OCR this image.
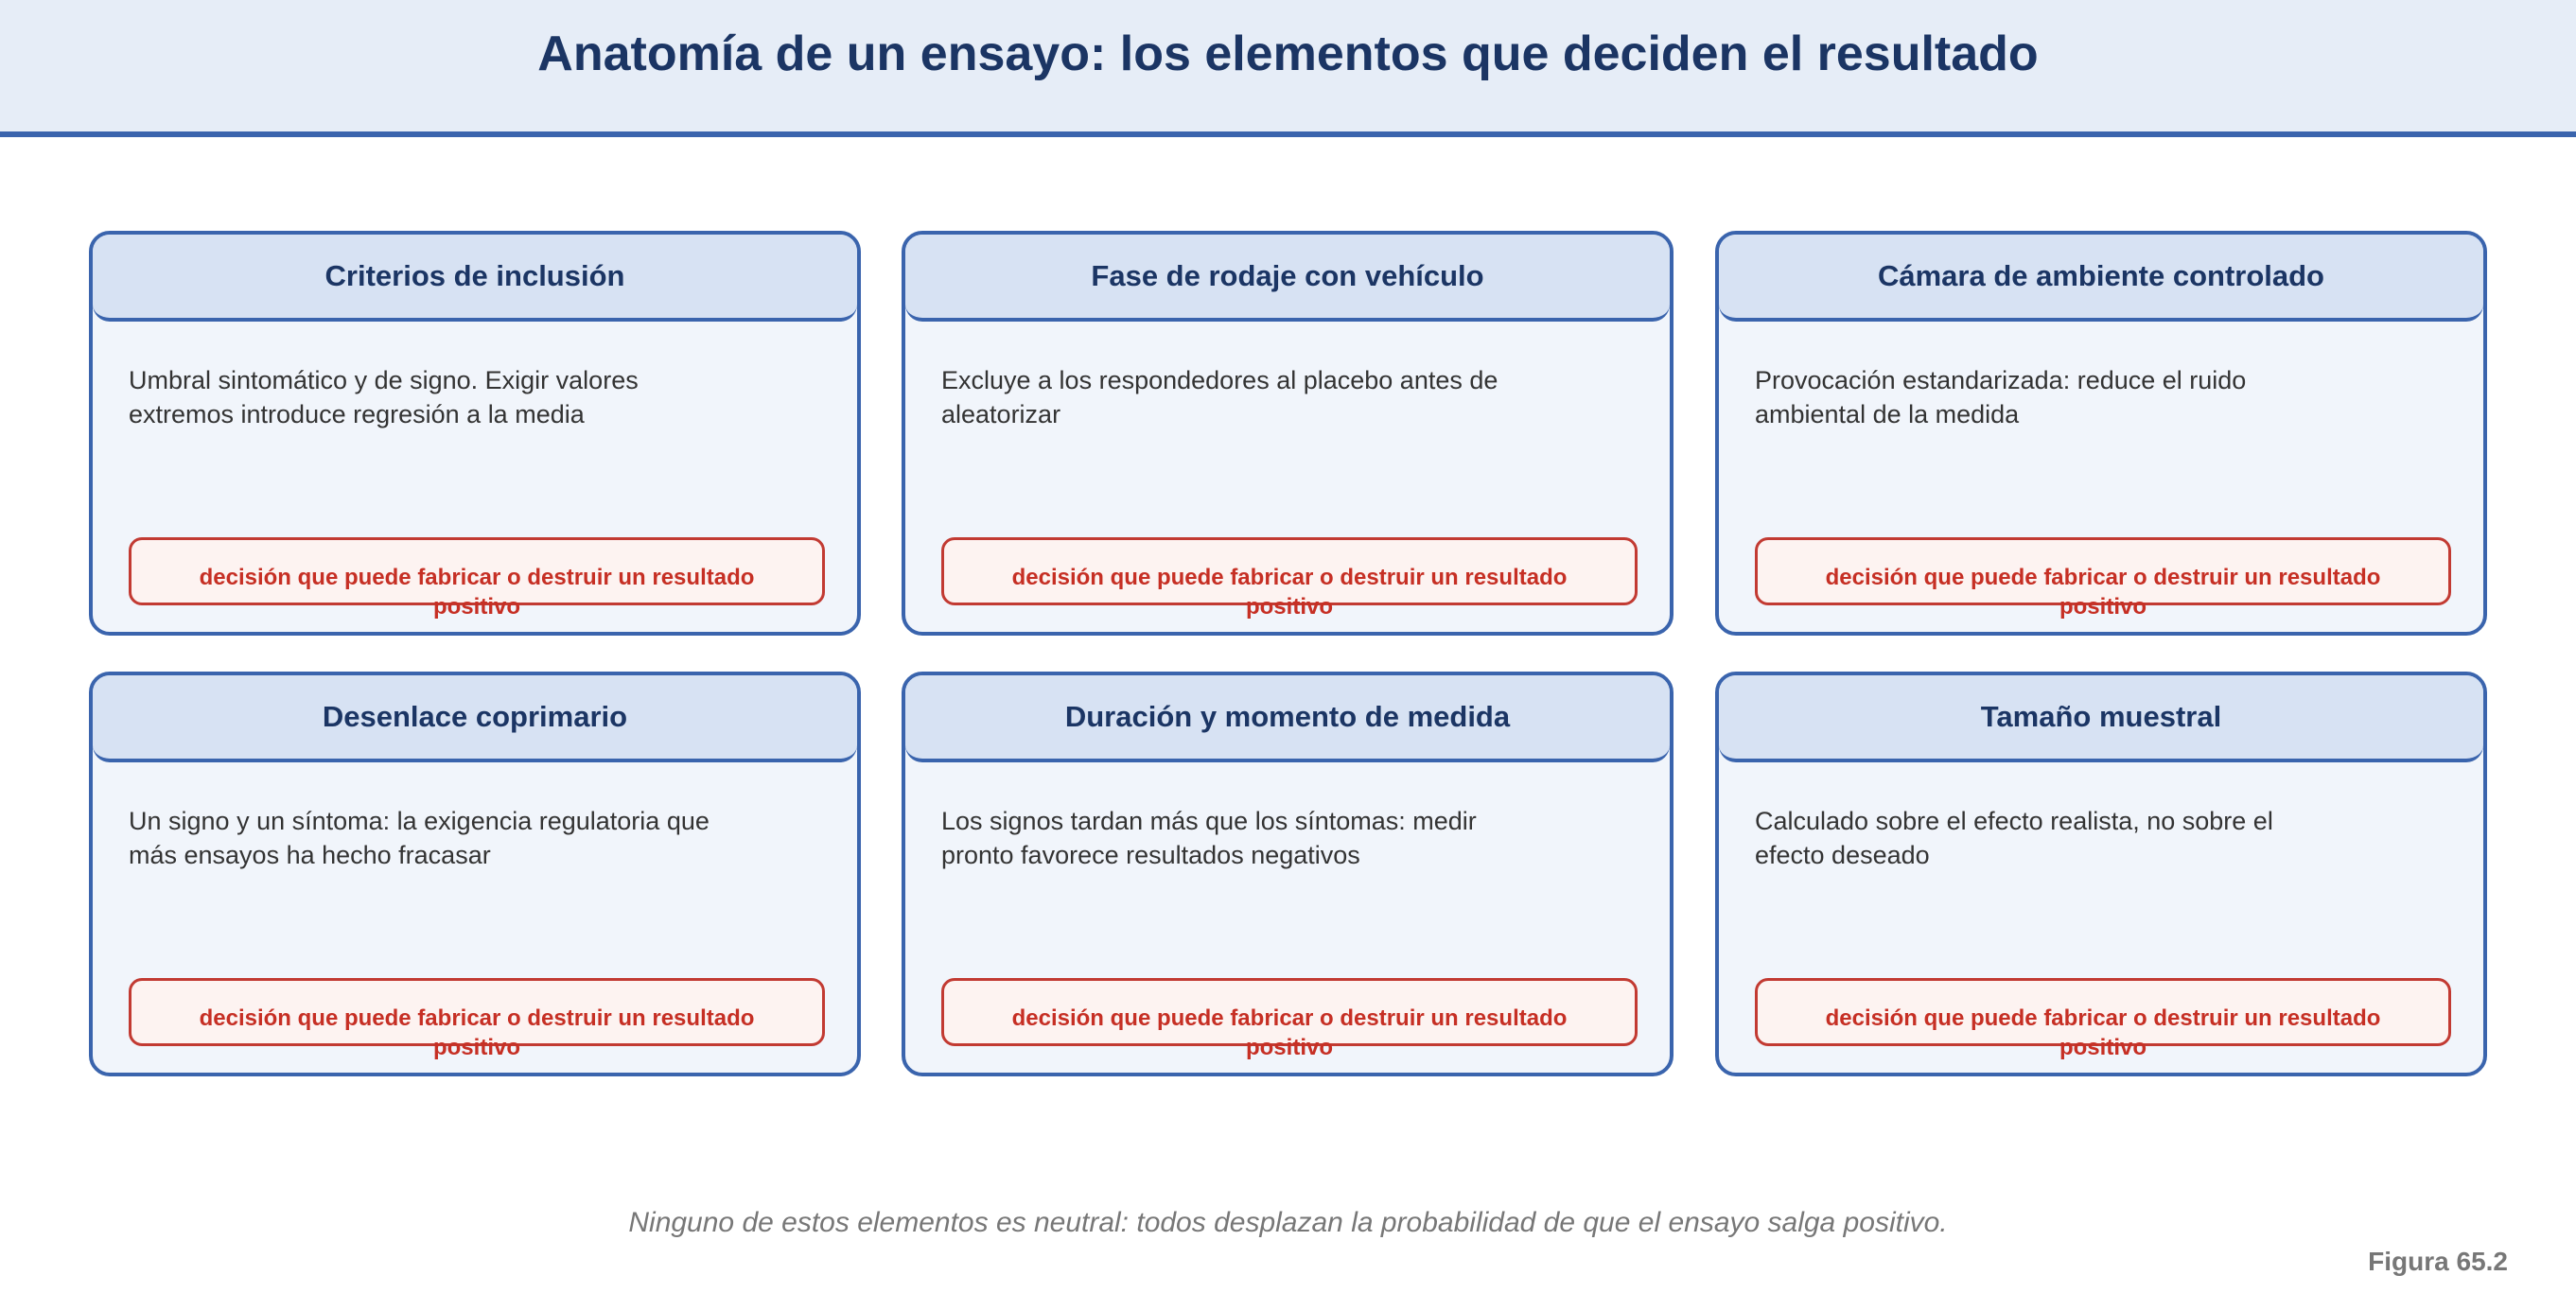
Anatomía de un ensayo: los elementos que deciden el resultado
Criterios de inclusión
Umbral sintomático y de signo. Exigir valores extremos introduce regresión a la media
decisión que puede fabricar o destruir un resultado positivo
Fase de rodaje con vehículo
Excluye a los respondedores al placebo antes de aleatorizar
decisión que puede fabricar o destruir un resultado positivo
Cámara de ambiente controlado
Provocación estandarizada: reduce el ruido ambiental de la medida
decisión que puede fabricar o destruir un resultado positivo
Desenlace coprimario
Un signo y un síntoma: la exigencia regulatoria que más ensayos ha hecho fracasar
decisión que puede fabricar o destruir un resultado positivo
Duración y momento de medida
Los signos tardan más que los síntomas: medir pronto favorece resultados negativos
decisión que puede fabricar o destruir un resultado positivo
Tamaño muestral
Calculado sobre el efecto realista, no sobre el efecto deseado
decisión que puede fabricar o destruir un resultado positivo
Ninguno de estos elementos es neutral: todos desplazan la probabilidad de que el ensayo salga positivo.
Figura 65.2
